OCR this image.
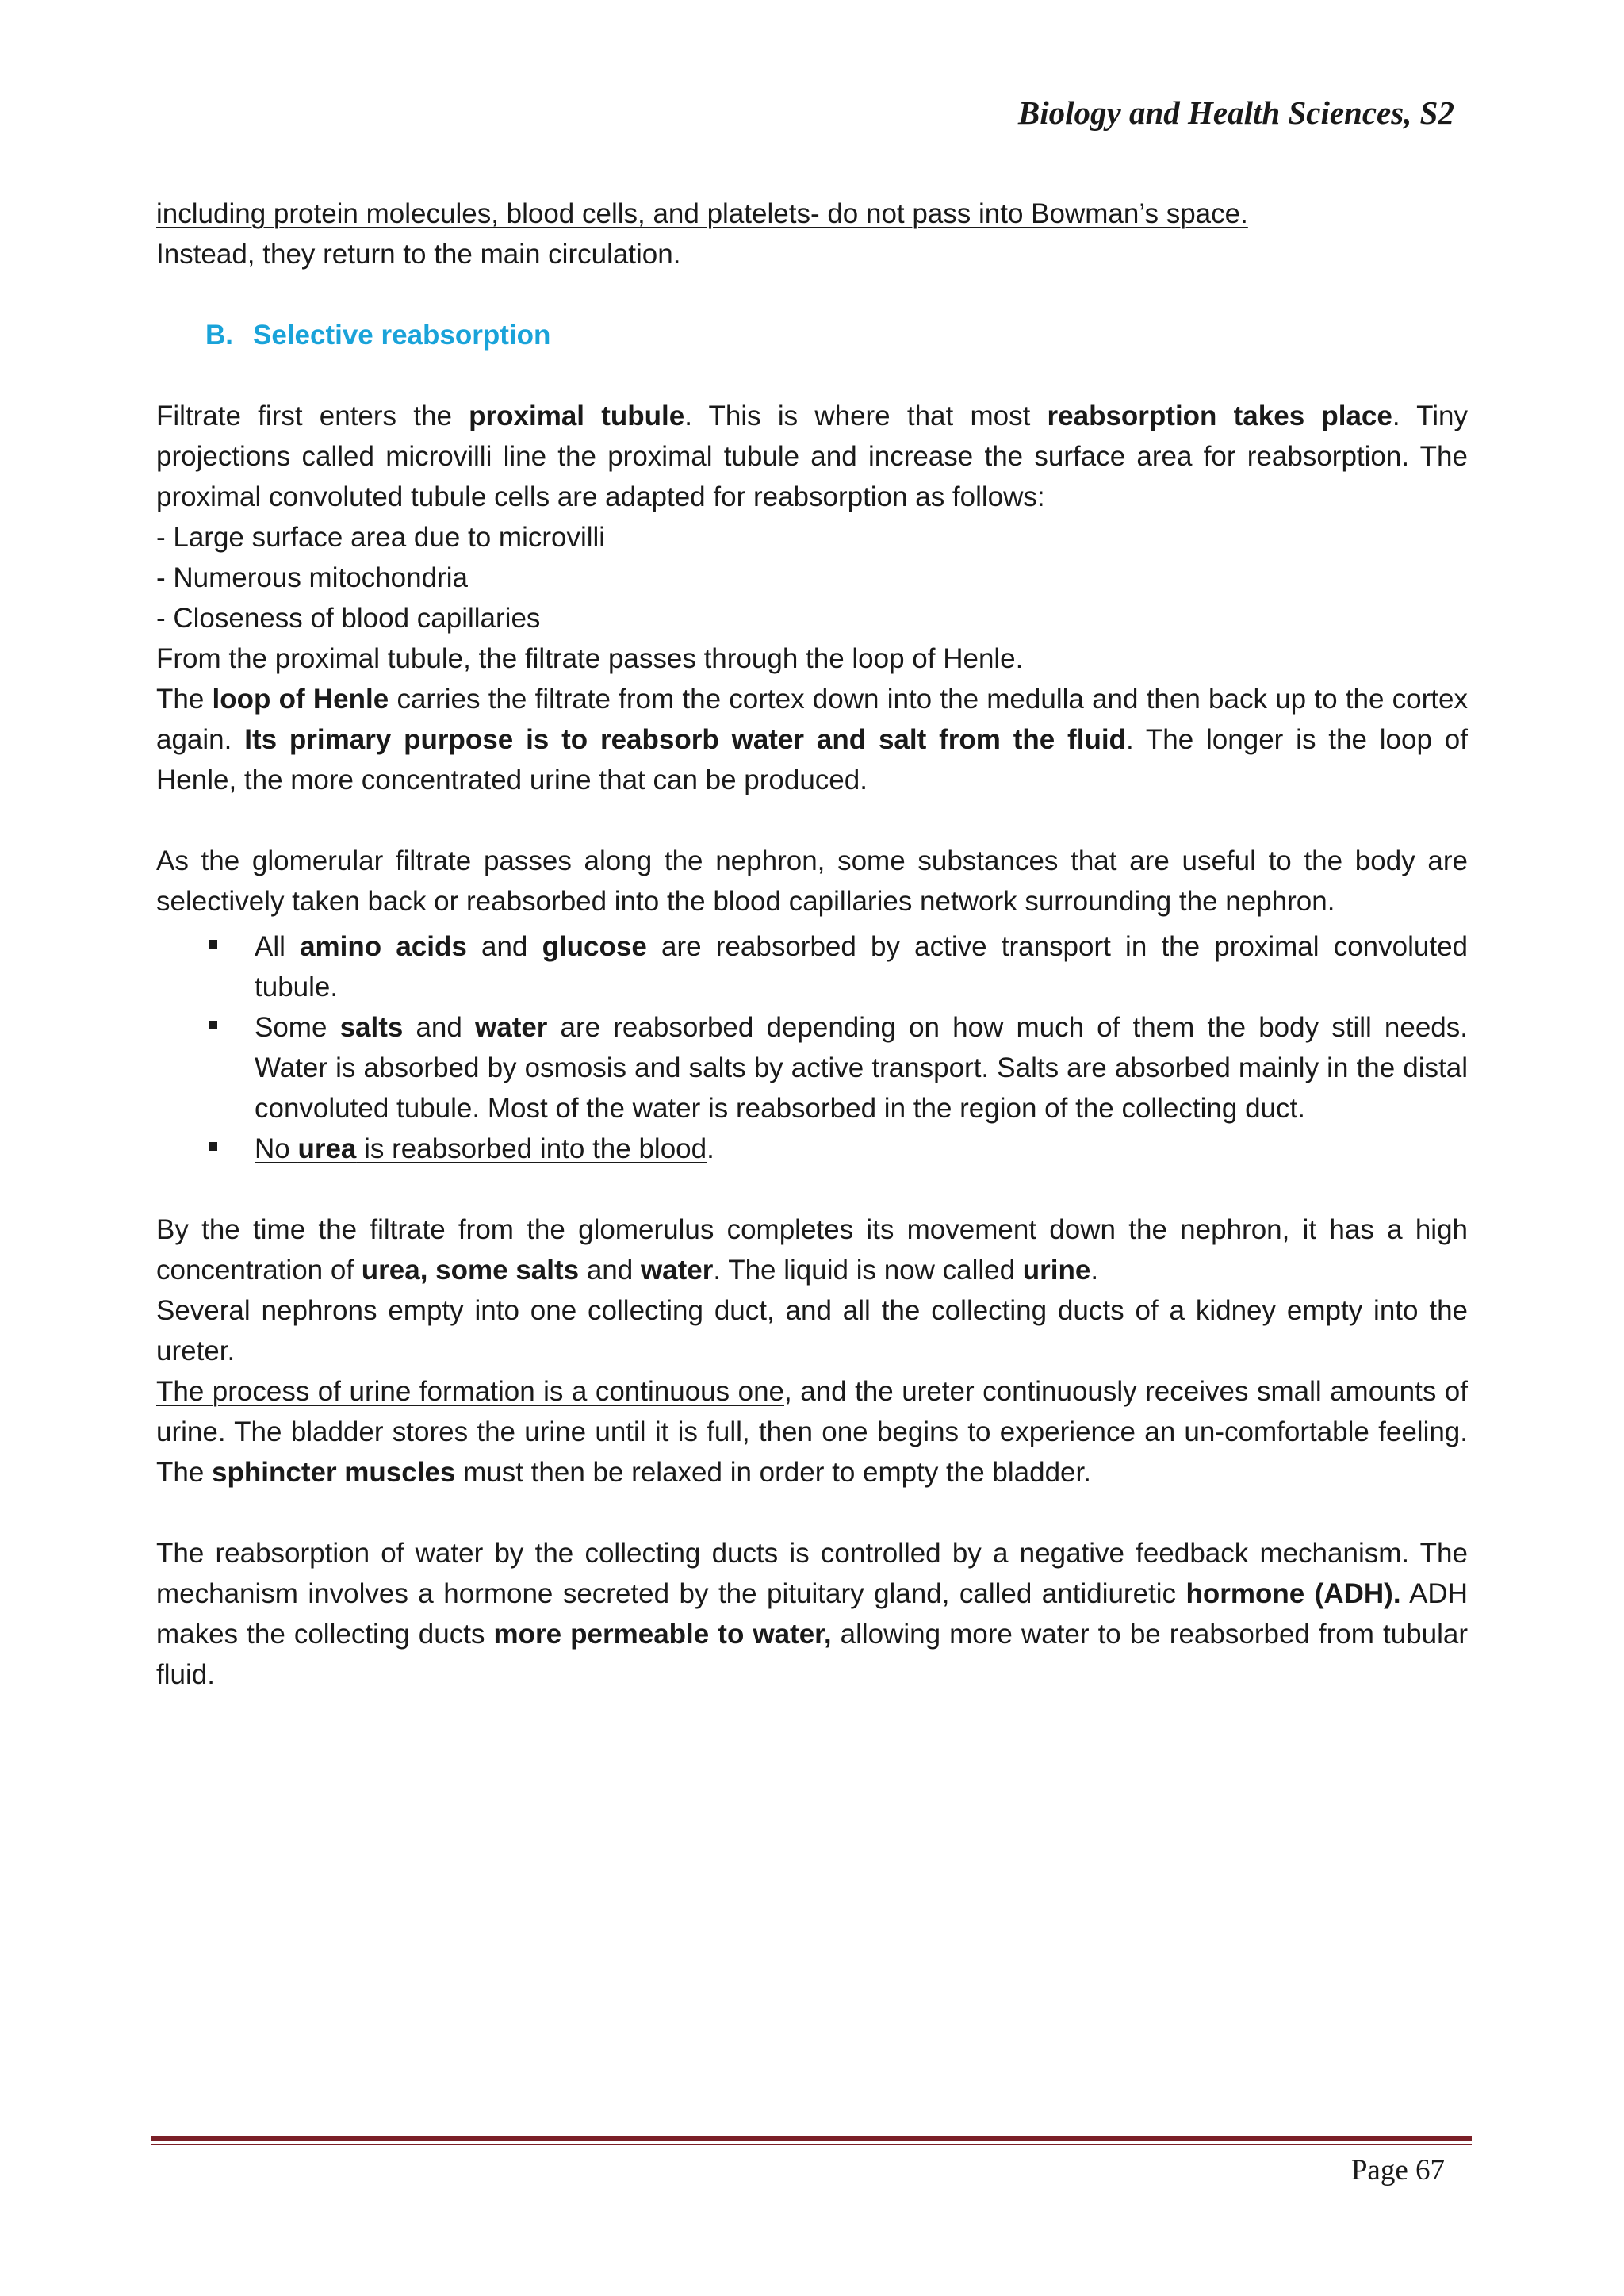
Biology and Health Sciences, S2

including protein molecules, blood cells, and platelets- do not pass into Bowman’s space.
Instead, they return to the main circulation.

B. Selective reabsorption

Filtrate first enters the proximal tubule. This is where that most reabsorption takes place. Tiny projections called microvilli line the proximal tubule and increase the surface area for reabsorption. The proximal convoluted tubule cells are adapted for reabsorption as follows:

- Large surface area due to microvilli

- Numerous mitochondria

- Closeness of blood capillaries

From the proximal tubule, the filtrate passes through the loop of Henle.

The loop of Henle carries the filtrate from the cortex down into the medulla and then back up to the cortex again. Its primary purpose is to reabsorb water and salt from the fluid. The longer is the loop of Henle, the more concentrated urine that can be produced.

As the glomerular filtrate passes along the nephron, some substances that are useful to the body are selectively taken back or reabsorbed into the blood capillaries network surrounding the nephron.

All amino acids and glucose are reabsorbed by active transport in the proximal convoluted tubule.
Some salts and water are reabsorbed depending on how much of them the body still needs. Water is absorbed by osmosis and salts by active transport. Salts are absorbed mainly in the distal convoluted tubule. Most of the water is reabsorbed in the region of the collecting duct.
No urea is reabsorbed into the blood.

By the time the filtrate from the glomerulus completes its movement down the nephron, it has a high concentration of urea, some salts and water. The liquid is now called urine.

Several nephrons empty into one collecting duct, and all the collecting ducts of a kidney empty into the ureter.

The process of urine formation is a continuous one, and the ureter continuously receives small amounts of urine. The bladder stores the urine until it is full, then one begins to experience an un-comfortable feeling. The sphincter muscles must then be relaxed in order to empty the bladder.

The reabsorption of water by the collecting ducts is controlled by a negative feedback mechanism. The mechanism involves a hormone secreted by the pituitary gland, called antidiuretic hormone (ADH). ADH makes the collecting ducts more permeable to water, allowing more water to be reabsorbed from tubular fluid.

Page 67
